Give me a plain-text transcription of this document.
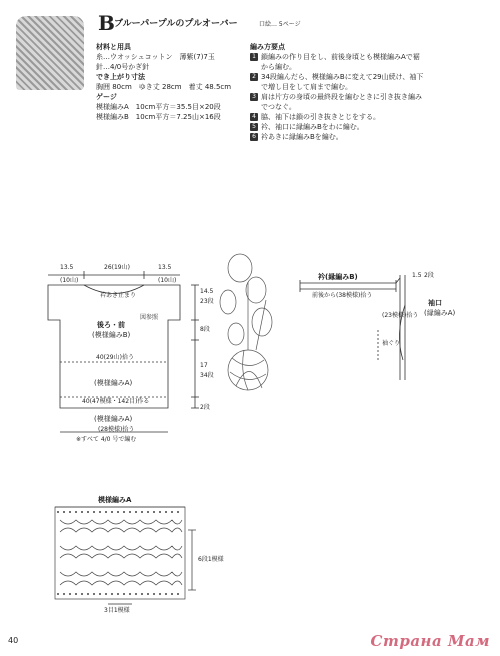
B ブルーパープルのプルオーバー	口絵… 5ページ
材料と用具
糸…ウオッシュコットン　薄紫(7)7玉
針…4/0号かぎ針
でき上がり寸法
胸囲 80cm　ゆき丈 28cm　着丈 48.5cm
ゲージ
模様編みA　10cm平方＝35.5目×20段
模様編みB　10cm平方＝7.25山×16段
編み方要点
1 鎖編みの作り目をし、前後身頃とも模様編みAで裾
から編む。
2 34段編んだら、模様編みBに変えて29山続け、袖下
で増し目をして肩まで編む。
3 肩は片方の身頃の最終段を編むときに引き抜き編み
でつなぐ。
4 脇、袖下は鎖の引き抜きとじをする。
5 衿、袖口に縁編みBをわに編む。
6 衿あきに縁編みBを編む。
13.5
(10山)
26(19山)	13.5
(10山)
衿あき止まり
後ろ・前
(模様編みB)
図参照
40(29山)拾う
(模様編みA)
40(47模様・142目)作る
(模様編みA)
(28模様)拾う
※すべて 4/0 号で編む
14.5
23段
8段
17
34段
2段
衿(縁編みB)
前後から(38模様)拾う
1.5 2段
袖口
(縁編みA)
(23模様)拾う
袖ぐり
模様編みA
6段1模様
3目1模様
40	Страна Мам
